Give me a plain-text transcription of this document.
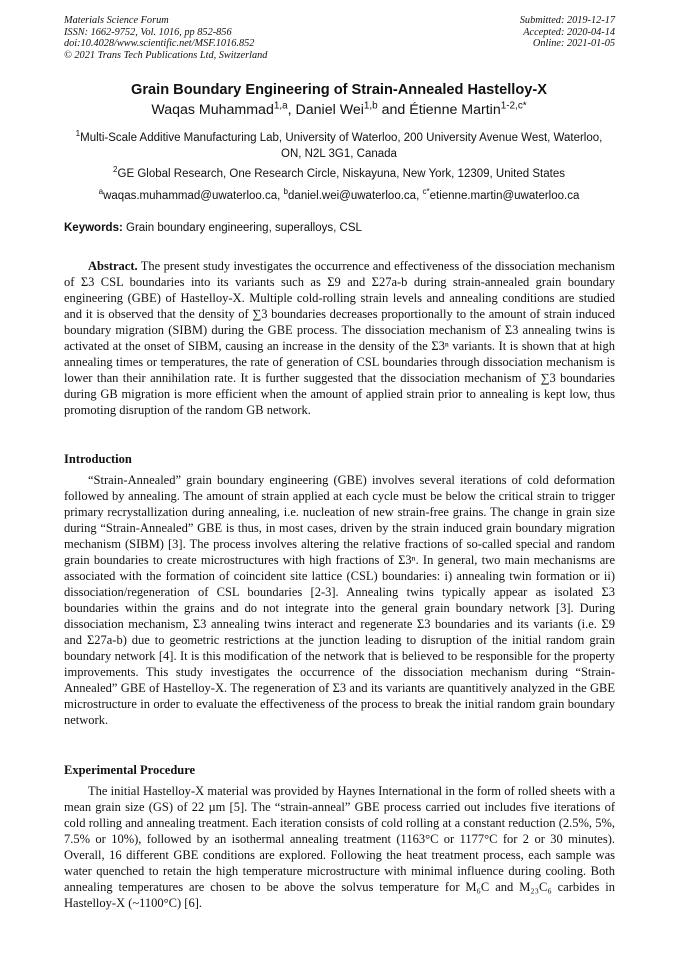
Materials Science Forum
ISSN: 1662-9752, Vol. 1016, pp 852-856
doi:10.4028/www.scientific.net/MSF.1016.852
© 2021 Trans Tech Publications Ltd, Switzerland
Submitted: 2019-12-17
Accepted: 2020-04-14
Online: 2021-01-05
Grain Boundary Engineering of Strain-Annealed Hastelloy-X
Waqas Muhammad$^{1,a}$, Daniel Wei$^{1,b}$ and Étienne Martin$^{1-2,c*}$
$^1$Multi-Scale Additive Manufacturing Lab, University of Waterloo, 200 University Avenue West, Waterloo, ON, N2L 3G1, Canada
$^2$GE Global Research, One Research Circle, Niskayuna, New York, 12309, United States
$^a$waqas.muhammad@uwaterloo.ca, $^b$daniel.wei@uwaterloo.ca, $^{c*}$etienne.martin@uwaterloo.ca
Keywords: Grain boundary engineering, superalloys, CSL

Abstract. The present study investigates the occurrence and effectiveness of the dissociation mechanism of Σ3 CSL boundaries into its variants such as Σ9 and Σ27a-b during strain-annealed grain boundary engineering (GBE) of Hastelloy-X. Multiple cold-rolling strain levels and annealing conditions are studied and it is observed that the density of ∑3 boundaries decreases proportionally to the amount of strain induced boundary migration (SIBM) during the GBE process. The dissociation mechanism of Σ3 annealing twins is activated at the onset of SIBM, causing an increase in the density of the Σ3ⁿ variants. It is shown that at high annealing times or temperatures, the rate of generation of CSL boundaries through dissociation mechanism is lower than their annihilation rate. It is further suggested that the dissociation mechanism of ∑3 boundaries during GB migration is more efficient when the amount of applied strain prior to annealing is kept low, thus promoting disruption of the random GB network.

Introduction

“Strain-Annealed” grain boundary engineering (GBE) involves several iterations of cold deformation followed by annealing. The amount of strain applied at each cycle must be below the critical strain to trigger primary recrystallization during annealing, i.e. nucleation of new strain-free grains. The change in grain size during “Strain-Annealed” GBE is thus, in most cases, driven by the strain induced grain boundary migration mechanism (SIBM) [3]. The process involves altering the relative fractions of so-called special and random grain boundaries to create microstructures with high fractions of Σ3ⁿ. In general, two main mechanisms are associated with the formation of coincident site lattice (CSL) boundaries: i) annealing twin formation or ii) dissociation/regeneration of CSL boundaries [2-3]. Annealing twins typically appear as isolated Σ3 boundaries within the grains and do not integrate into the general grain boundary network [3]. During dissociation mechanism, Σ3 annealing twins interact and regenerate Σ3 boundaries and its variants (i.e. Σ9 and Σ27a-b) due to geometric restrictions at the junction leading to disruption of the initial random grain boundary network [4]. It is this modification of the network that is believed to be responsible for the property improvements. This study investigates the occurrence of the dissociation mechanism during “Strain-Annealed” GBE of Hastelloy-X. The regeneration of Σ3 and its variants are quantitively analyzed in the GBE microstructure in order to evaluate the effectiveness of the process to break the initial random grain boundary network.

Experimental Procedure

The initial Hastelloy-X material was provided by Haynes International in the form of rolled sheets with a mean grain size (GS) of 22 µm [5]. The “strain-anneal” GBE process carried out includes five iterations of cold rolling and annealing treatment. Each iteration consists of cold rolling at a constant reduction (2.5%, 5%, 7.5% or 10%), followed by an isothermal annealing treatment (1163°C or 1177°C for 2 or 30 minutes). Overall, 16 different GBE conditions are explored. Following the heat treatment process, each sample was water quenched to retain the high temperature microstructure with minimal influence during cooling. Both annealing temperatures are chosen to be above the solvus temperature for M₆C and M₂₃C₆ carbides in Hastelloy-X (~1100°C) [6].
